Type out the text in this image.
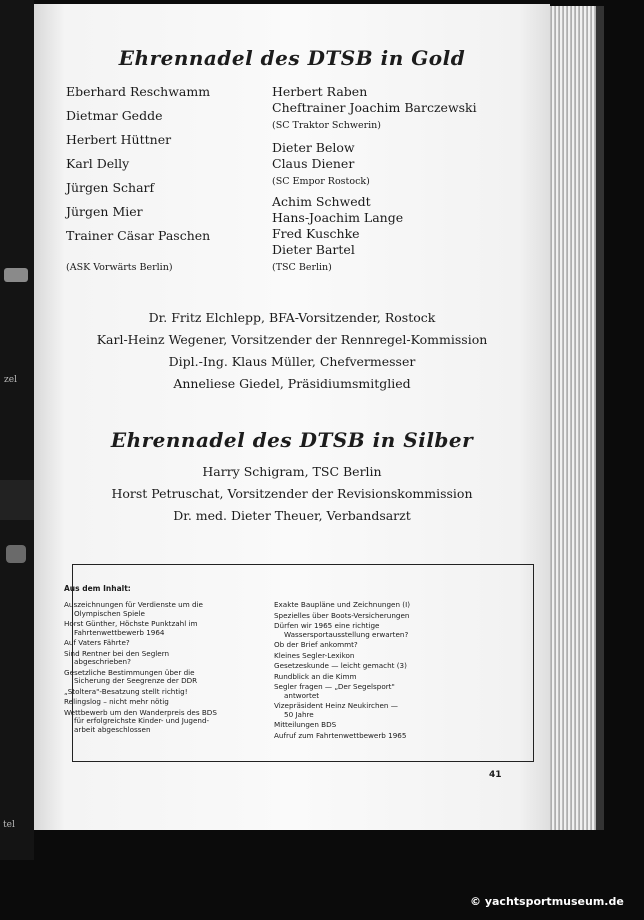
zel
tel
Ehrennadel des DTSB in Gold
Eberhard Reschwamm
Dietmar Gedde
Herbert Hüttner
Karl Delly
Jürgen Scharf
Jürgen Mier
Trainer Cäsar Paschen
(ASK Vorwärts Berlin)
Herbert Raben
Cheftrainer Joachim Barczewski
(SC Traktor Schwerin)
Dieter Below
Claus Diener
(SC Empor Rostock)
Achim Schwedt
Hans-Joachim Lange
Fred Kuschke
Dieter Bartel
(TSC Berlin)
Dr. Fritz Elchlepp, BFA-Vorsitzender, Rostock
Karl-Heinz Wegener, Vorsitzender der Rennregel-Kommission
Dipl.-Ing. Klaus Müller, Chefvermesser
Anneliese Giedel, Präsidiumsmitglied
Ehrennadel des DTSB in Silber
Harry Schigram, TSC Berlin
Horst Petruschat, Vorsitzender der Revisionskommission
Dr. med. Dieter Theuer, Verbandsarzt
Aus dem Inhalt:
Auszeichnungen für Verdienste um die
Olympischen Spiele
Horst Günther, Höchste Punktzahl im
Fahrtenwettbewerb 1964
Auf Vaters Fährte?
Sind Rentner bei den Seglern
abgeschrieben?
Gesetzliche Bestimmungen über die
Sicherung der Seegrenze der DDR
„Stoltera"-Besatzung stellt richtig!
Relingslog – nicht mehr nötig
Wettbewerb um den Wanderpreis des BDS
für erfolgreichste Kinder- und Jugend-
arbeit abgeschlossen
Exakte Baupläne und Zeichnungen (I)
Spezielles über Boots-Versicherungen
Dürfen wir 1965 eine richtige
Wassersportausstellung erwarten?
Ob der Brief ankommt?
Kleines Segler-Lexikon
Gesetzeskunde — leicht gemacht (3)
Rundblick an die Kimm
Segler fragen — „Der Segelsport"
antwortet
Vizepräsident Heinz Neukirchen —
50 Jahre
Mitteilungen BDS
Aufruf zum Fahrtenwettbewerb 1965
41
© yachtsportmuseum.de
